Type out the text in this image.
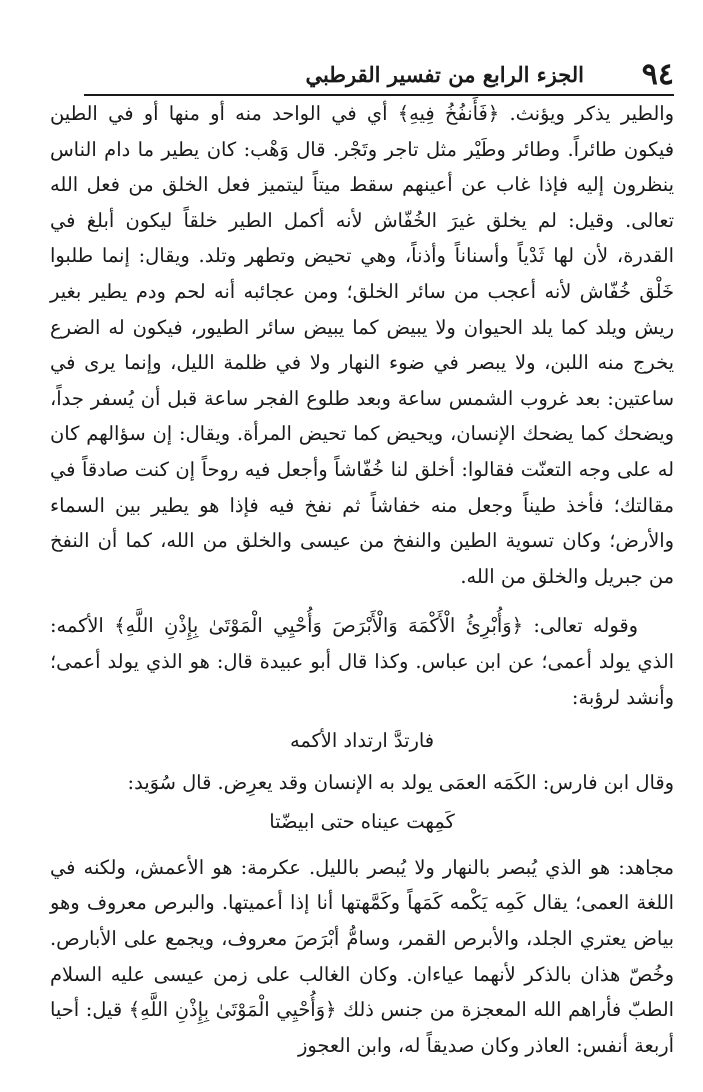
٩٤
الجزء الرابع من تفسير القرطبي

والطير يذكر ويؤنث. ﴿فَأَنفُخُ فِيهِ﴾ أي في الواحد منه أو منها أو في الطين فيكون طائراً. وطائر وطَيْر مثل تاجر وتَجْر. قال وَهْب: كان يطير ما دام الناس ينظرون إليه فإذا غاب عن أعينهم سقط ميتاً ليتميز فعل الخلق من فعل الله تعالى. وقيل: لم يخلق غيرَ الخُفّاش لأنه أكمل الطير خلقاً ليكون أبلغ في القدرة، لأن لها ثَدْياً وأسناناً وأذناً، وهي تحيض وتطهر وتلد. ويقال: إنما طلبوا خَلْق خُفّاش لأنه أعجب من سائر الخلق؛ ومن عجائبه أنه لحم ودم يطير بغير ريش ويلد كما يلد الحيوان ولا يبيض كما يبيض سائر الطيور، فيكون له الضرع يخرج منه اللبن، ولا يبصر في ضوء النهار ولا في ظلمة الليل، وإنما يرى في ساعتين: بعد غروب الشمس ساعة وبعد طلوع الفجر ساعة قبل أن يُسفر جداً، ويضحك كما يضحك الإنسان، ويحيض كما تحيض المرأة. ويقال: إن سؤالهم كان له على وجه التعنّت فقالوا: أخلق لنا خُفّاشاً وأجعل فيه روحاً إن كنت صادقاً في مقالتك؛ فأخذ طيناً وجعل منه خفاشاً ثم نفخ فيه فإذا هو يطير بين السماء والأرض؛ وكان تسوية الطين والنفخ من عيسى والخلق من الله، كما أن النفخ من جبريل والخلق من الله.

وقوله تعالى: ﴿وَأُبْرِئُ الْأَكْمَهَ وَالْأَبْرَصَ وَأُحْيِي الْمَوْتَىٰ بِإِذْنِ اللَّهِ﴾ الأكمه: الذي يولد أعمى؛ عن ابن عباس. وكذا قال أبو عبيدة قال: هو الذي يولد أعمى؛ وأنشد لرؤبة:

فارتدَّ ارتداد الأكمه

وقال ابن فارس: الكَمَه العمَى يولد به الإنسان وقد يعرِض. قال سُوَيد:

كَمِهت عيناه حتى ابيضّتا

مجاهد: هو الذي يُبصر بالنهار ولا يُبصر بالليل. عكرمة: هو الأعمش، ولكنه في اللغة العمى؛ يقال كَمِه يَكْمه كَمَهاً وكَمَّهتها أنا إذا أعميتها. والبرص معروف وهو بياض يعتري الجلد، والأبرص القمر، وسامُّ أبْرَصَ معروف، ويجمع على الأبارص. وخُصّ هذان بالذكر لأنهما عياءان. وكان الغالب على زمن عيسى عليه السلام الطبّ فأراهم الله المعجزة من جنس ذلك ﴿وَأُحْيِي الْمَوْتَىٰ بِإِذْنِ اللَّهِ﴾ قيل: أحيا أربعة أنفس: العاذر وكان صديقاً له، وابن العجوز
